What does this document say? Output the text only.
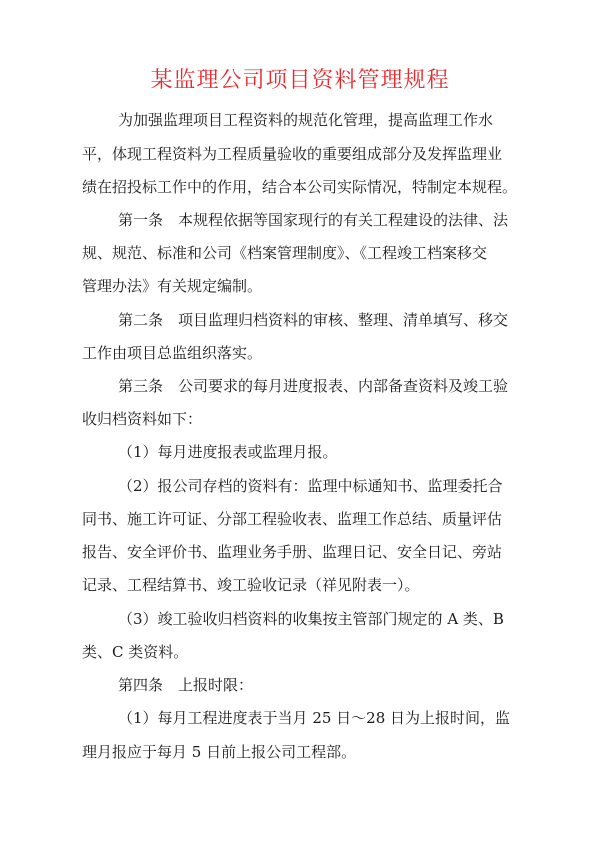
某监理公司项目资料管理规程
为加强监理项目工程资料的规范化管理，提高监理工作水
平，体现工程资料为工程质量验收的重要组成部分及发挥监理业
绩在招投标工作中的作用，结合本公司实际情况，特制定本规程。
第一条　本规程依据等国家现行的有关工程建设的法律、法
规、规范、标准和公司《档案管理制度》、《工程竣工档案移交
管理办法》有关规定编制。
第二条　项目监理归档资料的审核、整理、清单填写、移交
工作由项目总监组织落实。
第三条　公司要求的每月进度报表、内部备查资料及竣工验
收归档资料如下：
（1）每月进度报表或监理月报。
（2）报公司存档的资料有：监理中标通知书、监理委托合
同书、施工许可证、分部工程验收表、监理工作总结、质量评估
报告、安全评价书、监理业务手册、监理日记、安全日记、旁站
记录、工程结算书、竣工验收记录（祥见附表一）。
（3）竣工验收归档资料的收集按主管部门规定的 A 类、B
类、C 类资料。
第四条　上报时限：
（1）每月工程进度表于当月 25 日～28 日为上报时间，监
理月报应于每月 5 日前上报公司工程部。
